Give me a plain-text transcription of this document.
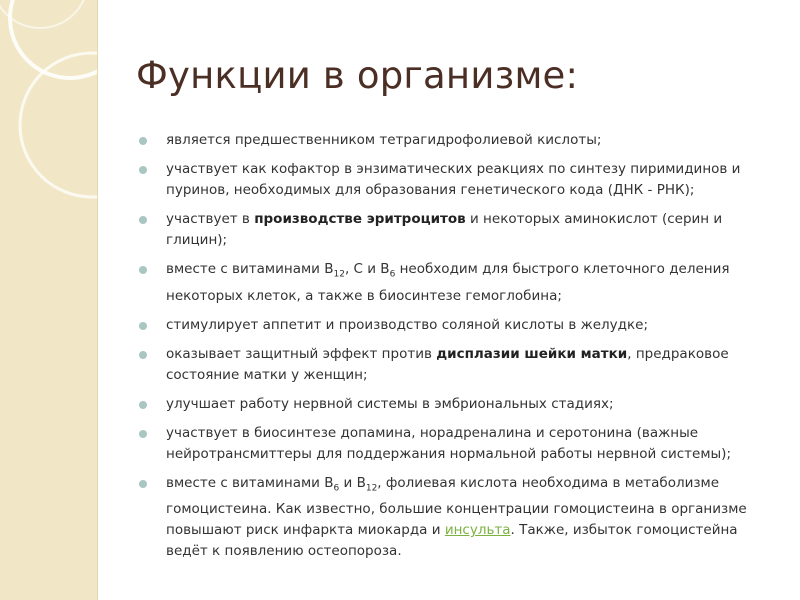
Функции в организме:
является предшественником тетрагидрофолиевой кислоты;
участвует как кофактор в энзиматических реакциях по синтезу пиримидинов и пуринов, необходимых для образования генетического кода (ДНК - РНК);
участвует в производстве эритроцитов и некоторых аминокислот (серин и глицин);
вместе с витаминами $В_{12}$, С и $В_6$ необходим для быстрого клеточного деления некоторых клеток, а также в биосинтезе гемоглобина;
стимулирует аппетит и производство соляной кислоты в желудке;
оказывает защитный эффект против дисплазии шейки матки, предраковое состояние матки у женщин;
улучшает работу нервной системы в эмбриональных стадиях;
участвует в биосинтезе допамина, норадреналина и серотонина (важные нейротрансмиттеры для поддержания нормальной работы нервной системы);
вместе с витаминами $В_6$ и $В_{12}$, фолиевая кислота необходима в метаболизме гомоцистеина. Как известно, большие концентрации гомоцистеина в организме повышают риск инфаркта миокарда и инсульта. Также, избыток гомоцистейна ведёт к появлению остеопороза.
